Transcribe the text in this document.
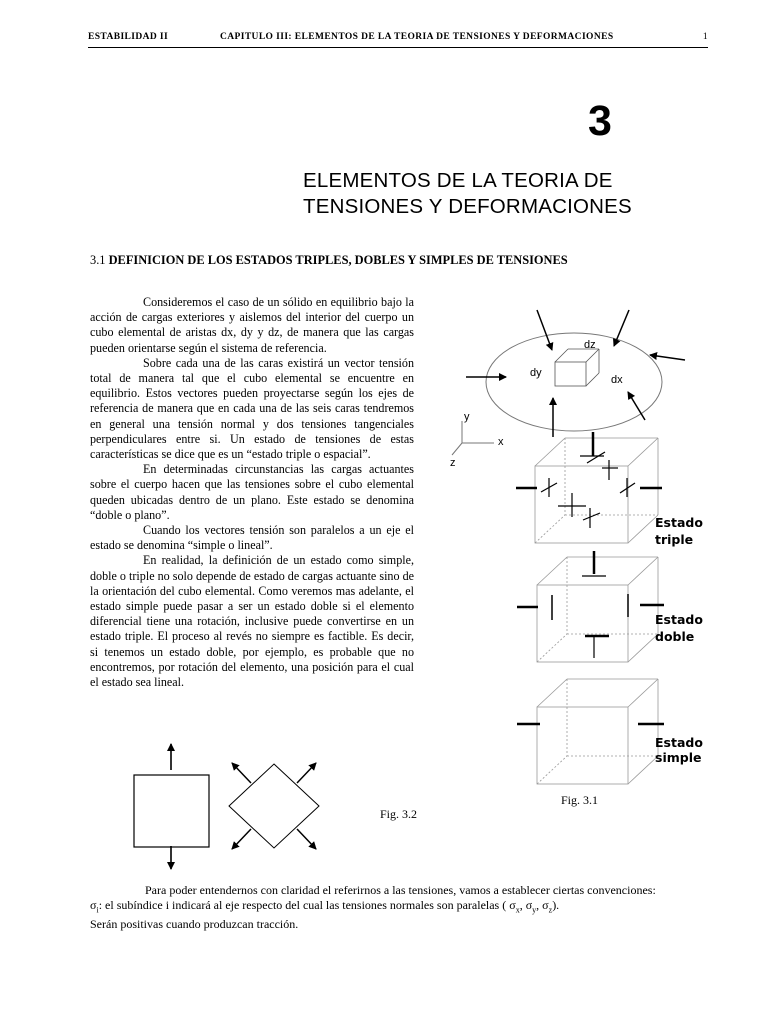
ESTABILIDAD II	CAPITULO III: ELEMENTOS DE LA TEORIA DE TENSIONES Y DEFORMACIONES	1
3
ELEMENTOS DE LA TEORIA DE
TENSIONES Y DEFORMACIONES
3.1 DEFINICION DE LOS ESTADOS TRIPLES, DOBLES Y SIMPLES DE TENSIONES

Consideremos el caso de un sólido en equilibrio bajo la acción de cargas exteriores y aislemos del interior del cuerpo un cubo elemental de aristas dx, dy y dz, de manera que las cargas pueden orientarse según el sistema de referencia.

Sobre cada una de las caras existirá un vector tensión total de manera tal que el cubo elemental se encuentre en equilibrio. Estos vectores pueden proyectarse según los ejes de referencia de manera que en cada una de las seis caras tendremos en general una tensión normal y dos tensiones tangenciales perpendiculares entre si. Un estado de tensiones de estas características se dice que es un “estado triple o espacial”.

En determinadas circunstancias las cargas actuantes sobre el cuerpo hacen que las tensiones sobre el cubo elemental queden ubicadas dentro de un plano. Este estado se denomina “doble o plano”.

Cuando los vectores tensión son paralelos a un eje el estado se denomina “simple o lineal”.

En realidad, la definición de un estado como simple, doble o triple no solo depende de estado de cargas actuante sino de la orientación del cubo elemental. Como veremos mas adelante, el estado simple puede pasar a ser un estado doble si el elemento diferencial tiene una rotación, inclusive puede convertirse en un estado triple. El proceso al revés no siempre es factible. Es decir, si tenemos un estado doble, por ejemplo, es probable que no encontremos, por rotación del elemento, una posición para el cual el estado sea lineal.

dz
dy
dx
y
x
z
Estado
triple
Estado
doble
Estado
simple
Fig. 3.1
Fig. 3.2

Para poder entendernos con claridad el referirnos a las tensiones, vamos a establecer ciertas convenciones:

$\sigma_i$: el subíndice i indicará al eje respecto del cual las tensiones normales son paralelas ( $\sigma_x$, $\sigma_y$, $\sigma_z$).

Serán positivas cuando produzcan tracción.
